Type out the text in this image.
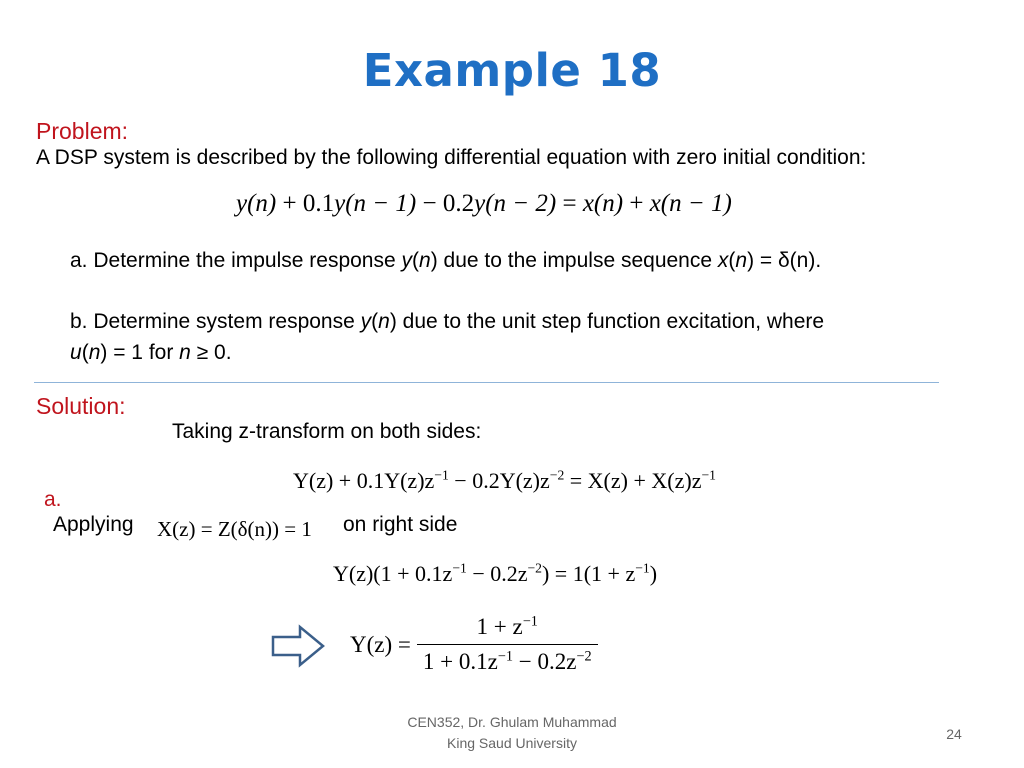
Example 18
Problem:
A DSP system is described by the following differential equation with zero initial condition:
y(n) + 0.1y(n − 1) − 0.2y(n − 2) = x(n) + x(n − 1)
a. Determine the impulse response y(n) due to the impulse sequence x(n) = δ(n).
b. Determine system response y(n) due to the unit step function excitation, where
u(n) = 1 for n ≥ 0.
Solution:
Taking z-transform on both sides:
$Y(z) + 0.1Y(z)z^{-1} - 0.2Y(z)z^{-2} = X(z) + X(z)z^{-1}$
a.
Applying X(z) = Z(δ(n)) = 1 on right side
$Y(z)(1 + 0.1z^{-1} - 0.2z^{-2}) = 1(1 + z^{-1})$
$Y(z) = \frac{1 + z^{-1}}{1 + 0.1z^{-1} - 0.2z^{-2}}$
CEN352, Dr. Ghulam Muhammad
King Saud University
24
